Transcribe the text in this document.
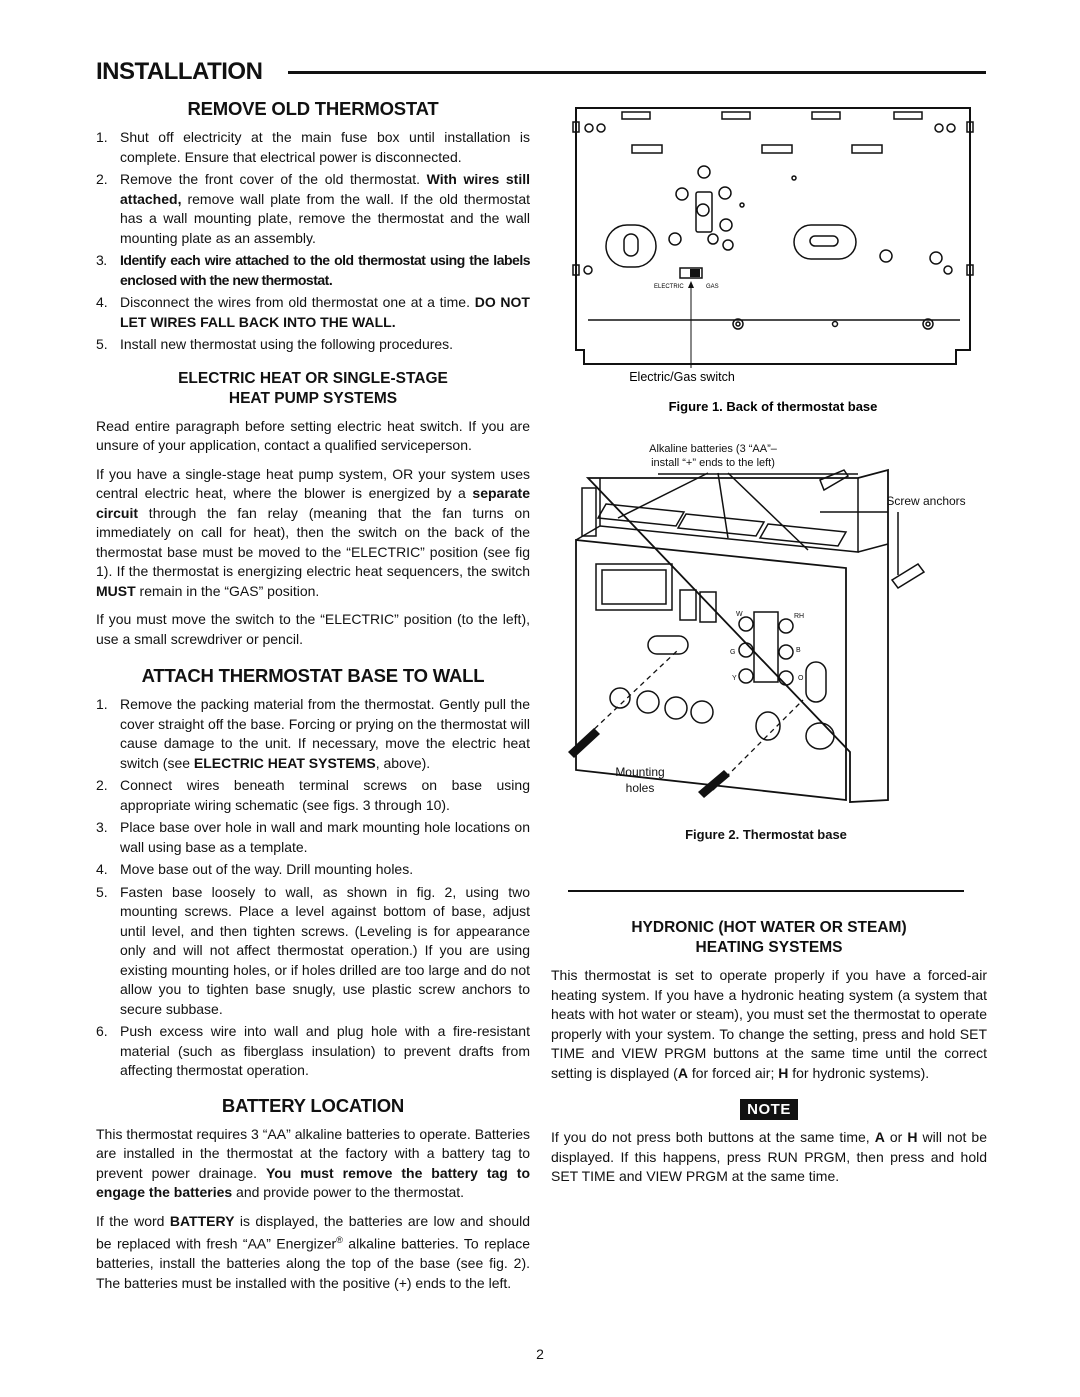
INSTALLATION
REMOVE OLD THERMOSTAT
1. Shut off electricity at the main fuse box until installation is complete. Ensure that electrical power is disconnected.
2. Remove the front cover of the old thermostat. With wires still attached, remove wall plate from the wall. If the old thermostat has a wall mounting plate, remove the thermostat and the wall mounting plate as an assembly.
3. Identify each wire attached to the old thermostat using the labels enclosed with the new thermostat.
4. Disconnect the wires from old thermostat one at a time. DO NOT LET WIRES FALL BACK INTO THE WALL.
5. Install new thermostat using the following procedures.
ELECTRIC HEAT OR SINGLE-STAGE
HEAT PUMP SYSTEMS

Read entire paragraph before setting electric heat switch. If you are unsure of your application, contact a qualified serviceperson.

If you have a single-stage heat pump system, OR your system uses central electric heat, where the blower is energized by a separate circuit through the fan relay (meaning that the fan turns on immediately on call for heat), then the switch on the back of the thermostat base must be moved to the “ELECTRIC” position (see fig 1). If the thermostat is energizing electric heat sequencers, the switch MUST remain in the “GAS” position.

If you must move the switch to the “ELECTRIC” position (to the left), use a small screwdriver or pencil.

ATTACH THERMOSTAT BASE TO WALL
1. Remove the packing material from the thermostat. Gently pull the cover straight off the base. Forcing or prying on the thermostat will cause damage to the unit. If necessary, move the electric heat switch (see ELECTRIC HEAT SYSTEMS, above).
2. Connect wires beneath terminal screws on base using appropriate wiring schematic (see figs. 3 through 10).
3. Place base over hole in wall and mark mounting hole locations on wall using base as a template.
4. Move base out of the way. Drill mounting holes.
5. Fasten base loosely to wall, as shown in fig. 2, using two mounting screws. Place a level against bottom of base, adjust until level, and then tighten screws. (Leveling is for appearance only and will not affect thermostat operation.) If you are using existing mounting holes, or if holes drilled are too large and do not allow you to tighten base snugly, use plastic screw anchors to secure subbase.
6. Push excess wire into wall and plug hole with a fire-resistant material (such as fiberglass insulation) to prevent drafts from affecting thermostat operation.
BATTERY LOCATION

This thermostat requires 3 “AA” alkaline batteries to operate. Batteries are installed in the thermostat at the factory with a battery tag to prevent power drainage. You must remove the battery tag to engage the batteries and provide power to the thermostat.

If the word BATTERY is displayed, the batteries are low and should be replaced with fresh “AA” Energizer® alkaline batteries. To replace batteries, install the batteries along the top of the base (see fig. 2). The batteries must be installed with the positive (+) ends to the left.

ELECTRIC	GAS
Electric/Gas switch
Figure 1. Back of thermostat base
Alkaline batteries (3 “AA”–
install “+” ends to the left)
Screw anchors
W	RH
G	B
Y	O
Mounting
holes
Figure 2. Thermostat base
HYDRONIC (HOT WATER OR STEAM)
HEATING SYSTEMS

This thermostat is set to operate properly if you have a forced-air heating system. If you have a hydronic heating system (a system that heats with hot water or steam), you must set the thermostat to operate properly with your system. To change the setting, press and hold SET TIME and VIEW PRGM buttons at the same time until the correct setting is displayed (A for forced air; H for hydronic systems).

NOTE

If you do not press both buttons at the same time, A or H will not be displayed. If this happens, press RUN PRGM, then press and hold SET TIME and VIEW PRGM at the same time.

2
